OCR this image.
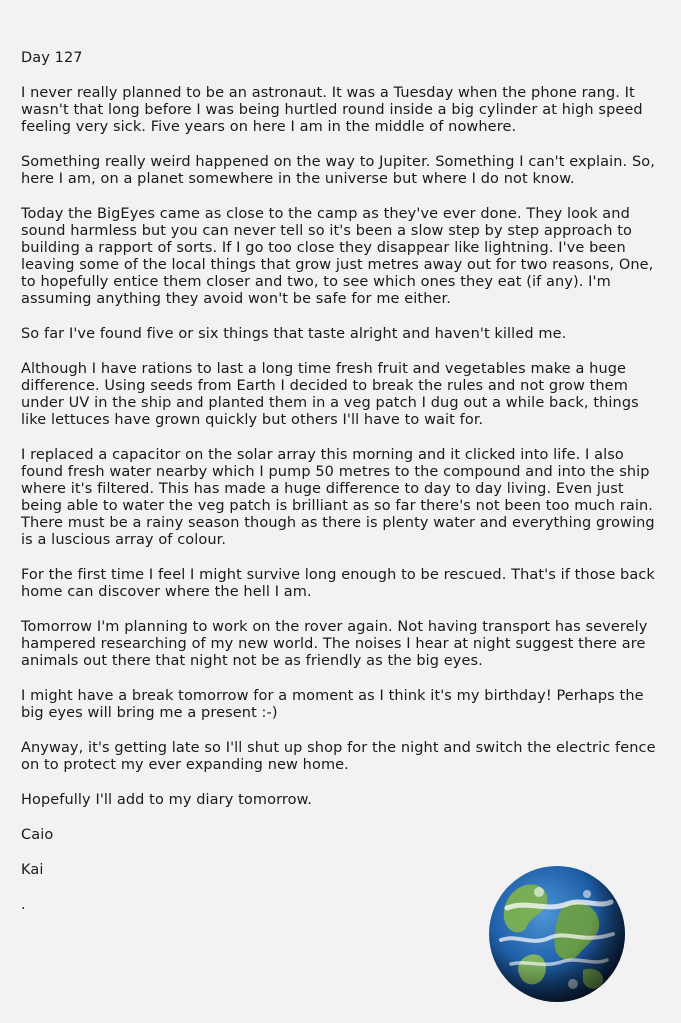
Day 127

I never really planned to be an astronaut. It was a Tuesday when the phone rang. It wasn't that long before I was being hurtled round inside a big cylinder at high speed feeling very sick. Five years on here I am in the middle of nowhere.

Something really weird happened on the way to Jupiter. Something I can't explain. So, here I am, on a planet somewhere in the universe but where I do not know.

Today the BigEyes came as close to the camp as they've ever done. They look and sound harmless but you can never tell so it's been a slow step by step approach to building a rapport of sorts. If I go too close they disappear like lightning. I've been leaving some of the local things that grow just metres away out for two reasons, One, to hopefully entice them closer and two, to see which ones they eat (if any). I'm assuming anything they avoid won't be safe for me either.

So far I've found five or six things that taste alright and haven't killed me.

Although I have rations to last a long time fresh fruit and vegetables make a huge difference. Using seeds from Earth I decided to break the rules and not grow them under UV in the ship and planted them in a veg patch I dug out a while back, things like lettuces have grown quickly but others I'll have to wait for.

I replaced a capacitor on the solar array this morning and it clicked into life. I also found fresh water nearby which I pump 50 metres to the compound and into the ship where it's filtered. This has made a huge difference to day to day living. Even just being able to water the veg patch is brilliant as so far there's not been too much rain. There must be a rainy season though as there is plenty water and everything growing is a luscious array of colour.

For the first time I feel I might survive long enough to be rescued. That's if those back home can discover where the hell I am.

Tomorrow I'm planning to work on the rover again. Not having transport has severely hampered researching of my new world. The noises I hear at night suggest there are animals out there that night not be as friendly as the big eyes.

I might have a break tomorrow for a moment as I think it's my birthday! Perhaps the big eyes will bring me a present :-)

Anyway, it's getting late so I'll shut up shop for the night and switch the electric fence on to protect my ever expanding new home.

Hopefully I'll add to my diary tomorrow.

Caio

Kai

.
